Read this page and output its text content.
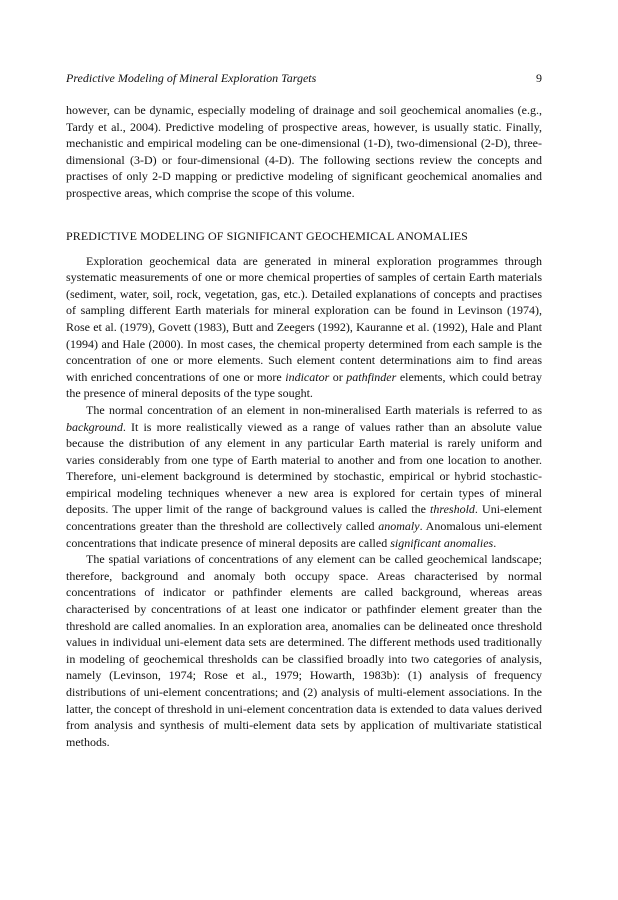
Predictive Modeling of Mineral Exploration Targets	9

however, can be dynamic, especially modeling of drainage and soil geochemical anomalies (e.g., Tardy et al., 2004). Predictive modeling of prospective areas, however, is usually static. Finally, mechanistic and empirical modeling can be one-dimensional (1-D), two-dimensional (2-D), three-dimensional (3-D) or four-dimensional (4-D). The following sections review the concepts and practises of only 2-D mapping or predictive modeling of significant geochemical anomalies and prospective areas, which comprise the scope of this volume.

PREDICTIVE MODELING OF SIGNIFICANT GEOCHEMICAL ANOMALIES

Exploration geochemical data are generated in mineral exploration programmes through systematic measurements of one or more chemical properties of samples of certain Earth materials (sediment, water, soil, rock, vegetation, gas, etc.). Detailed explanations of concepts and practises of sampling different Earth materials for mineral exploration can be found in Levinson (1974), Rose et al. (1979), Govett (1983), Butt and Zeegers (1992), Kauranne et al. (1992), Hale and Plant (1994) and Hale (2000). In most cases, the chemical property determined from each sample is the concentration of one or more elements. Such element content determinations aim to find areas with enriched concentrations of one or more indicator or pathfinder elements, which could betray the presence of mineral deposits of the type sought.

The normal concentration of an element in non-mineralised Earth materials is referred to as background. It is more realistically viewed as a range of values rather than an absolute value because the distribution of any element in any particular Earth material is rarely uniform and varies considerably from one type of Earth material to another and from one location to another. Therefore, uni-element background is determined by stochastic, empirical or hybrid stochastic-empirical modeling techniques whenever a new area is explored for certain types of mineral deposits. The upper limit of the range of background values is called the threshold. Uni-element concentrations greater than the threshold are collectively called anomaly. Anomalous uni-element concentrations that indicate presence of mineral deposits are called significant anomalies.

The spatial variations of concentrations of any element can be called geochemical landscape; therefore, background and anomaly both occupy space. Areas characterised by normal concentrations of indicator or pathfinder elements are called background, whereas areas characterised by concentrations of at least one indicator or pathfinder element greater than the threshold are called anomalies. In an exploration area, anomalies can be delineated once threshold values in individual uni-element data sets are determined. The different methods used traditionally in modeling of geochemical thresholds can be classified broadly into two categories of analysis, namely (Levinson, 1974; Rose et al., 1979; Howarth, 1983b): (1) analysis of frequency distributions of uni-element concentrations; and (2) analysis of multi-element associations. In the latter, the concept of threshold in uni-element concentration data is extended to data values derived from analysis and synthesis of multi-element data sets by application of multivariate statistical methods.
